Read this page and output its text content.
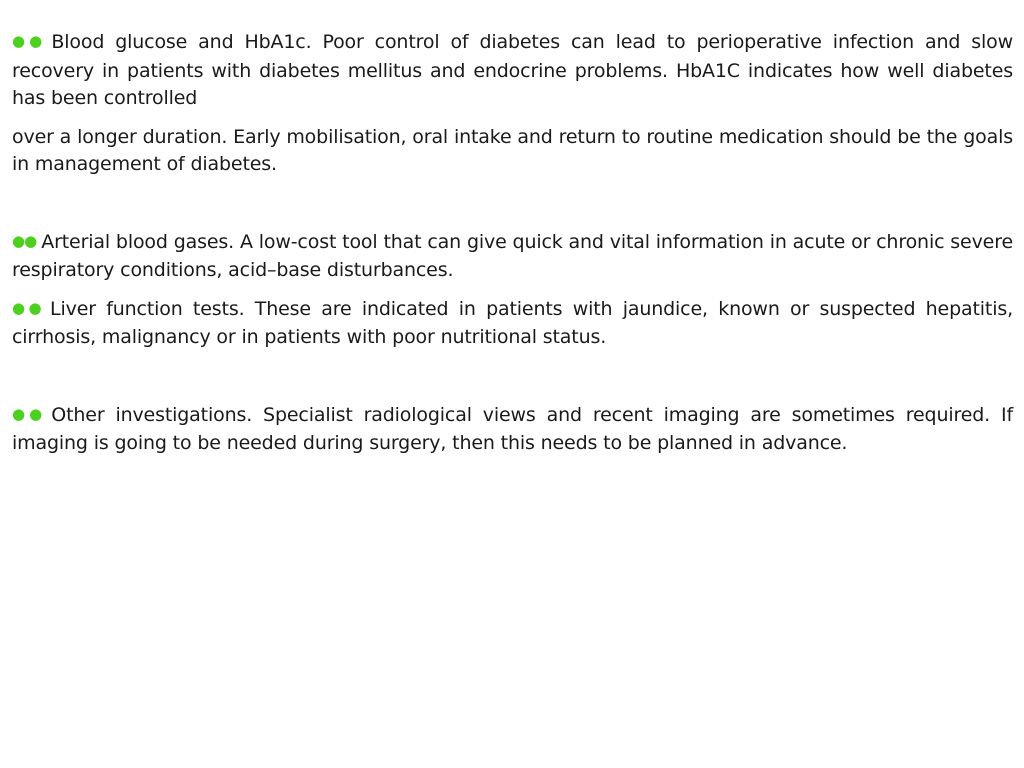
●● Blood glucose and HbA1c. Poor control of diabetes can lead to perioperative infection and slow recovery in patients with diabetes mellitus and endocrine problems. HbA1C indicates how well diabetes has been controlled

over a longer duration. Early mobilisation, oral intake and return to routine medication should be the goals in management of diabetes.

●● Arterial blood gases. A low-cost tool that can give quick and vital information in acute or chronic severe respiratory conditions, acid–base disturbances.

●● Liver function tests. These are indicated in patients with jaundice, known or suspected hepatitis, cirrhosis, malignancy or in patients with poor nutritional status.

●● Other investigations. Specialist radiological views and recent imaging are sometimes required. If imaging is going to be needed during surgery, then this needs to be planned in advance.
